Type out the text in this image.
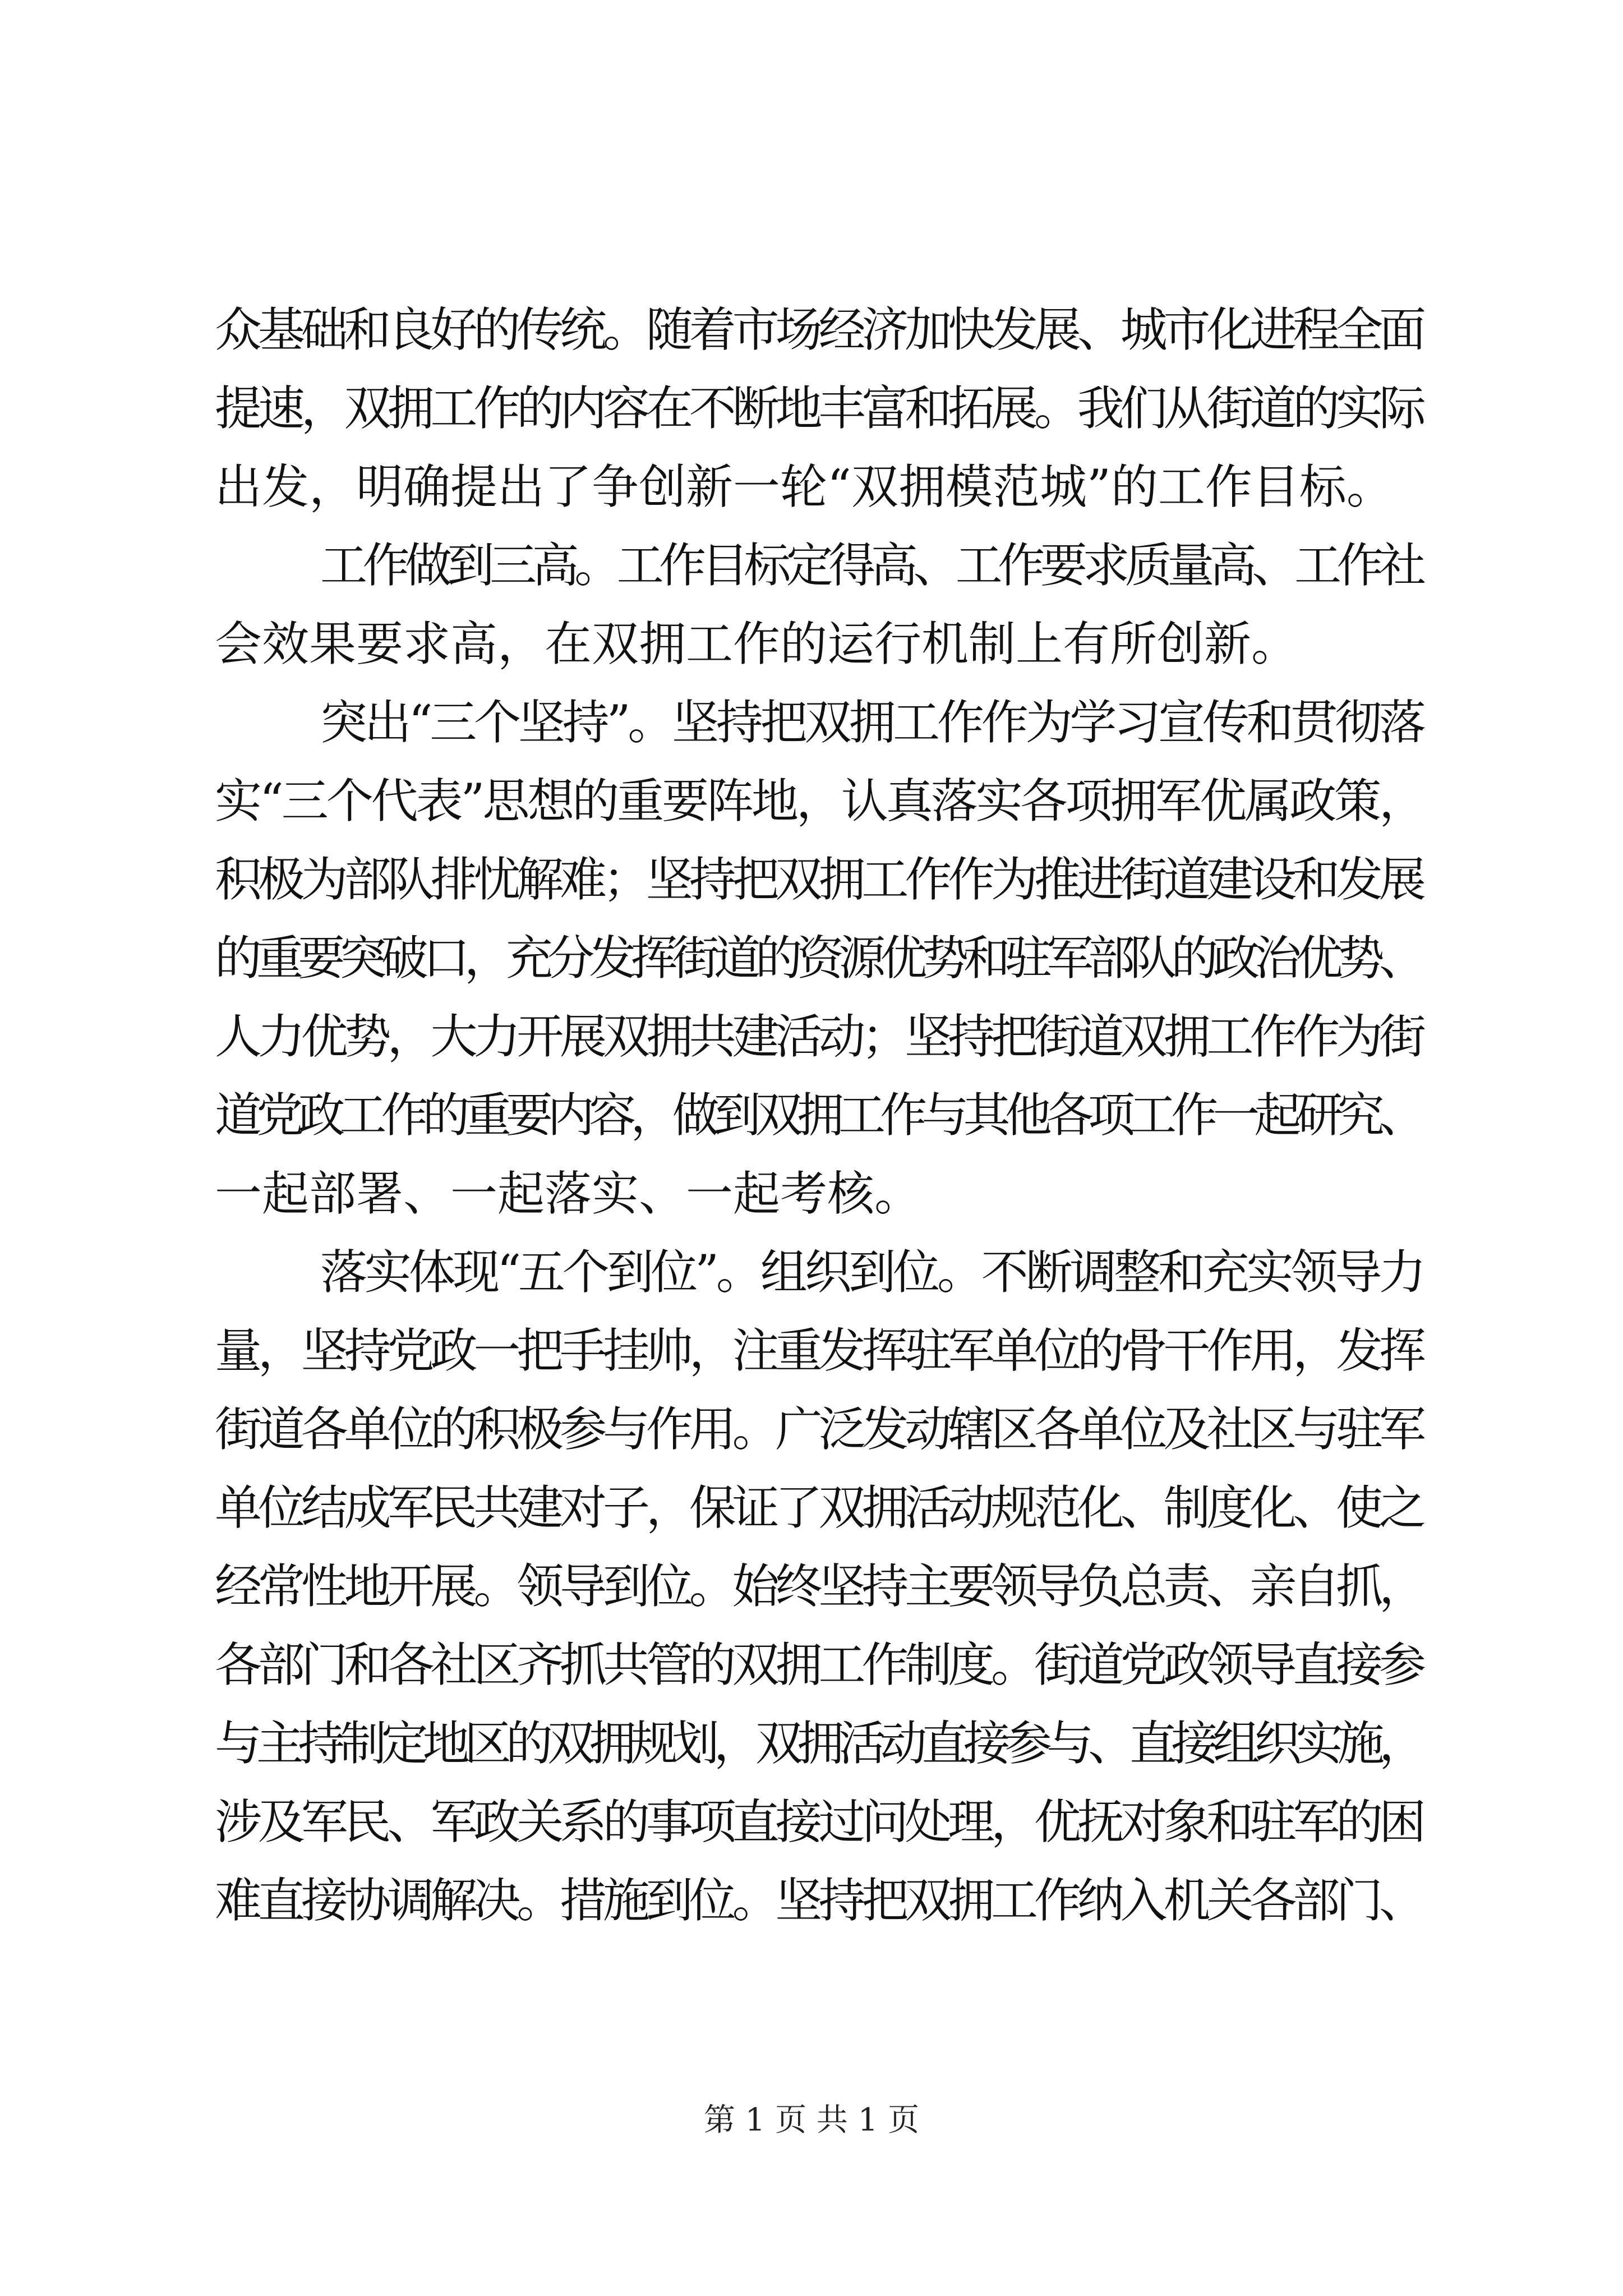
众基础和良好的传统。随着市场经济加快发展、城市化进程全面
提速，双拥工作的内容在不断地丰富和拓展。我们从街道的实际
出发，明确提出了争创新一轮“双拥模范城”的工作目标。
工作做到三高。工作目标定得高、工作要求质量高、工作社
会效果要求高，在双拥工作的运行机制上有所创新。
突出“三个坚持”。坚持把双拥工作作为学习宣传和贯彻落
实“三个代表”思想的重要阵地，认真落实各项拥军优属政策，
积极为部队排忧解难；坚持把双拥工作作为推进街道建设和发展
的重要突破口，充分发挥街道的资源优势和驻军部队的政治优势、
人力优势，大力开展双拥共建活动；坚持把街道双拥工作作为街
道党政工作的重要内容，做到双拥工作与其他各项工作一起研究、
一起部署、一起落实、一起考核。
落实体现“五个到位”。组织到位。不断调整和充实领导力
量，坚持党政一把手挂帅，注重发挥驻军单位的骨干作用，发挥
街道各单位的积极参与作用。广泛发动辖区各单位及社区与驻军
单位结成军民共建对子，保证了双拥活动规范化、制度化、使之
经常性地开展。领导到位。始终坚持主要领导负总责、亲自抓，
各部门和各社区齐抓共管的双拥工作制度。街道党政领导直接参
与主持制定地区的双拥规划，双拥活动直接参与、直接组织实施，
涉及军民、军政关系的事项直接过问处理，优抚对象和驻军的困
难直接协调解决。措施到位。坚持把双拥工作纳入机关各部门、
第 1 页 共 1 页
